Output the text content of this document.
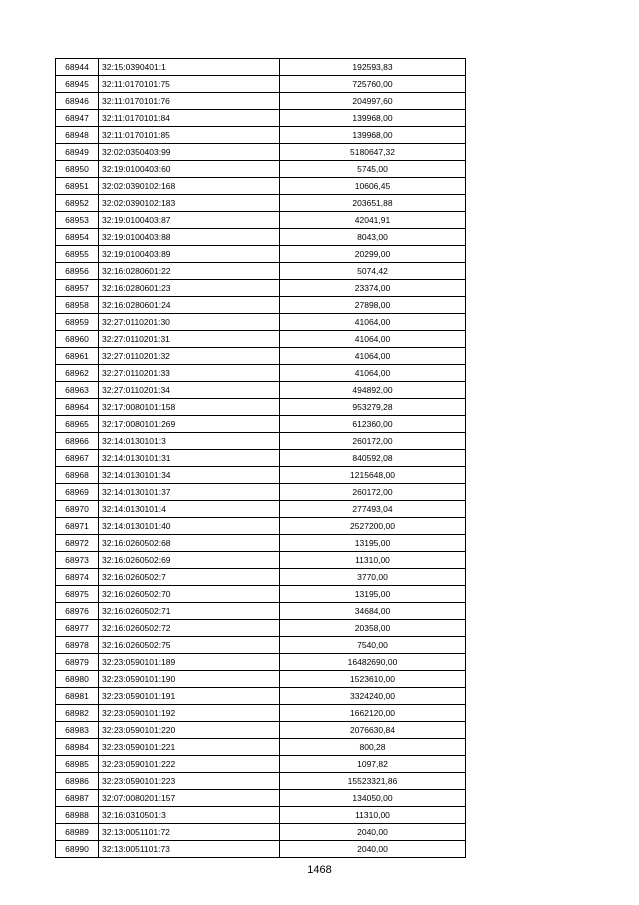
68944	32:15:0390401:1	192593,83
68945	32:11:0170101:75	725760,00
68946	32:11:0170101:76	204997,60
68947	32:11:0170101:84	139968,00
68948	32:11:0170101:85	139968,00
68949	32:02:0350403:99	5180647,32
68950	32:19:0100403:60	5745,00
68951	32:02:0390102:168	10606,45
68952	32:02:0390102:183	203651,88
68953	32:19:0100403:87	42041,91
68954	32:19:0100403:88	8043,00
68955	32:19:0100403:89	20299,00
68956	32:16:0280601:22	5074,42
68957	32:16:0280601:23	23374,00
68958	32:16:0280601:24	27898,00
68959	32:27:0110201:30	41064,00
68960	32:27:0110201:31	41064,00
68961	32:27:0110201:32	41064,00
68962	32:27:0110201:33	41064,00
68963	32:27:0110201:34	494892,00
68964	32:17:0080101:158	953279,28
68965	32:17:0080101:269	612360,00
68966	32:14:0130101:3	260172,00
68967	32:14:0130101:31	840592,08
68968	32:14:0130101:34	1215648,00
68969	32:14:0130101:37	260172,00
68970	32:14:0130101:4	277493,04
68971	32:14:0130101:40	2527200,00
68972	32:16:0260502:68	13195,00
68973	32:16:0260502:69	11310,00
68974	32:16:0260502:7	3770,00
68975	32:16:0260502:70	13195,00
68976	32:16:0260502:71	34684,00
68977	32:16:0260502:72	20358,00
68978	32:16:0260502:75	7540,00
68979	32:23:0590101:189	16482690,00
68980	32:23:0590101:190	1523610,00
68981	32:23:0590101:191	3324240,00
68982	32:23:0590101:192	1662120,00
68983	32:23:0590101:220	2076630,84
68984	32:23:0590101:221	800,28
68985	32:23:0590101:222	1097,82
68986	32:23:0590101:223	15523321,86
68987	32:07:0080201:157	134050,00
68988	32:16:0310501:3	11310,00
68989	32:13:0051101:72	2040,00
68990	32:13:0051101:73	2040,00
1468
